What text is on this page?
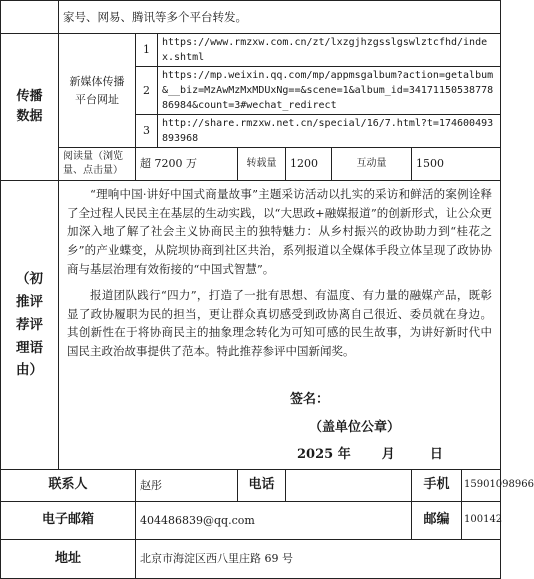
	家号、网易、腾讯等多个平台转发。							
传播数据	新媒体传播平台网址	1	https://www.rmzxw.com.cn/zt/lxzgjhzgsslgswlztcfhd/index.shtml					
		2	https://mp.weixin.qq.com/mp/appmsgalbum?action=getalbum&__biz=MzAwMzMxMDUxNg==&scene=1&album_id=3417115053877886984&count=3#wechat_redirect					
		3	http://share.rmzxw.net.cn/special/16/7.html?t=174600493893968					
	阅读量（浏览量、点击量）	超 7200 万		转载量	1200	互动量	1500	
（初推评荐评理语由）	“理响中国·讲好中国式商量故事”主题采访活动以扎实的采访和鲜活的案例诠释了全过程人民民主在基层的生动实践，以“大思政+融媒报道”的创新形式，让公众更加深入地了解了社会主义协商民主的独特魅力：从乡村振兴的政协助力到“桂花之乡”的产业蝶变，从院坝协商到社区共治，系列报道以全媒体手段立体呈现了政协协商与基层治理有效衔接的“中国式智慧”。

报道团队践行“四力”，打造了一批有思想、有温度、有力量的融媒产品，既彰显了政协履职为民的担当，更让群众真切感受到政协离自己很近、委员就在身边。其创新性在于将协商民主的抽象理念转化为可知可感的民生故事，为讲好新时代中国民主政治故事提供了范本。特此推荐参评中国新闻奖。

签名：
（盖单位公章）
2025 年 月 日							

联系人		赵彤		电话			手机	15901098966
电子邮箱		404486839@qq.com					邮编	100142
地址		北京市海淀区西八里庄路 69 号						
